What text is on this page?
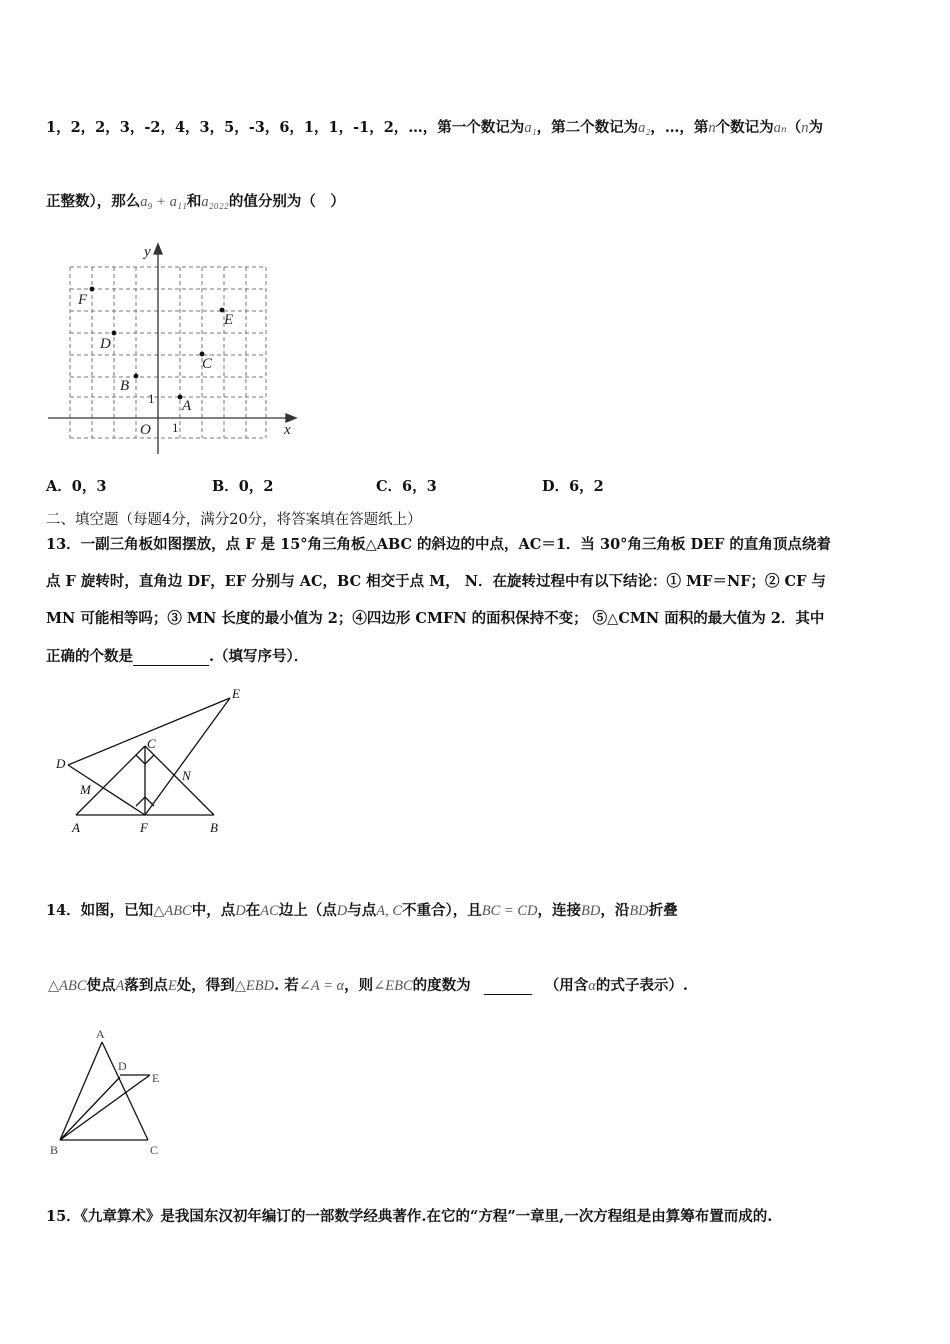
1，2，2，3，-2，4，3，5，-3，6，1，1，-1，2，…，第一个数记为a₁，第二个数记为a₂，…，第n个数记为aₙ（n为
正整数），那么a₉ + a₁₁和a₂₀₂₂的值分别为（　）
x
y
O
F
E
D
C
B
A
1
1
A．0，3	B．0，2	C．6，3	D．6，2
二、填空题（每题4分，满分20分，将答案填在答题纸上）
13．一副三角板如图摆放，点 F 是 15°角三角板△ABC 的斜边的中点，AC＝1．当 30°角三角板 DEF 的直角顶点绕着
点 F 旋转时，直角边 DF，EF 分别与 AC，BC 相交于点 M， N．在旋转过程中有以下结论：① MF＝NF；② CF 与
MN 可能相等吗；③ MN 长度的最小值为 2；④四边形 CMFN 的面积保持不变； ⑤△CMN 面积的最大值为 2．其中
正确的个数是	.（填写序号）．
E
D
C
N
M
A	F	B
14．如图，已知△ABC中，点D在AC边上（点D与点A, C不重合），且BC = CD，连接BD，沿BD折叠
△ABC使点A落到点E处，得到△EBD. 若∠A = α，则∠EBC的度数为	（用含α的式子表示）.
A
D
E
B	C
15．《九章算术》是我国东汉初年编订的一部数学经典著作.在它的“方程”一章里,一次方程组是由算筹布置而成的.
